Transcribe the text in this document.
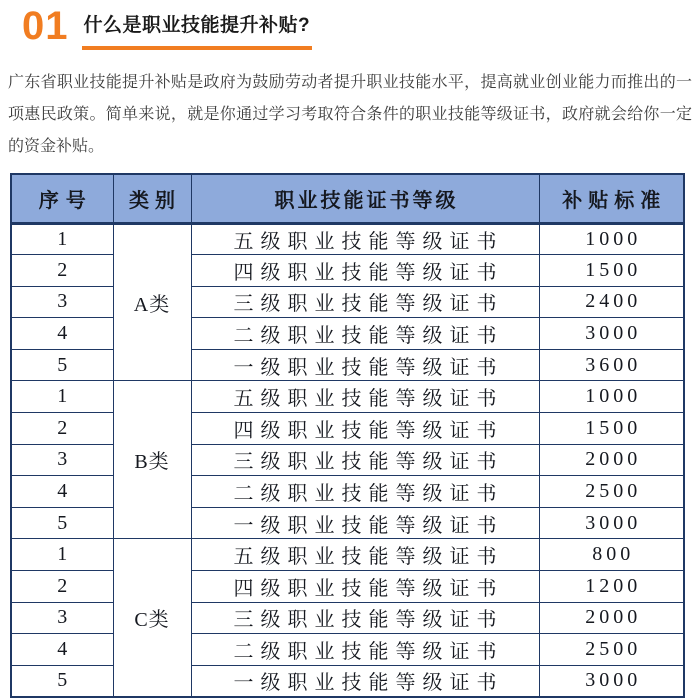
01 什么是职业技能提升补贴?

广东省职业技能提升补贴是政府为鼓励劳动者提升职业技能水平，提高就业创业能力而推出的一项惠民政策。简单来说，就是你通过学习考取符合条件的职业技能等级证书，政府就会给你一定的资金补贴。

序号	类别	职业技能证书等级	补贴标准
1	A类	五级职业技能等级证书	1000
2		四级职业技能等级证书	1500
3		三级职业技能等级证书	2400
4		二级职业技能等级证书	3000
5		一级职业技能等级证书	3600
1	B类	五级职业技能等级证书	1000
2		四级职业技能等级证书	1500
3		三级职业技能等级证书	2000
4		二级职业技能等级证书	2500
5		一级职业技能等级证书	3000
1	C类	五级职业技能等级证书	800
2		四级职业技能等级证书	1200
3		三级职业技能等级证书	2000
4		二级职业技能等级证书	2500
5		一级职业技能等级证书	3000
